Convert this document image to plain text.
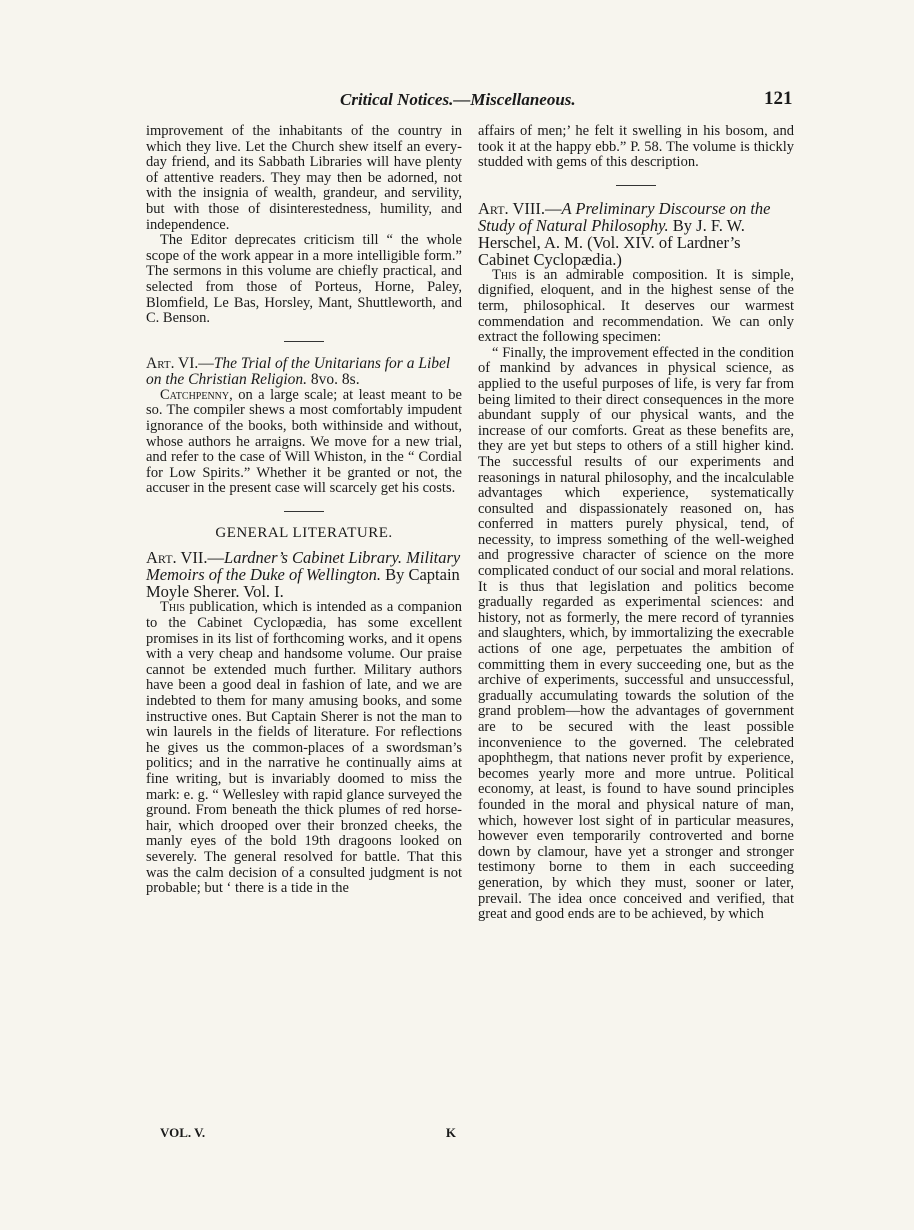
Critical Notices.—Miscellaneous.	121

improvement of the inhabitants of the country in which they live. Let the Church shew itself an every-day friend, and its Sabbath Libraries will have plenty of attentive readers. They may then be adorned, not with the insignia of wealth, grandeur, and servility, but with those of disinterestedness, humility, and independence.

The Editor deprecates criticism till “ the whole scope of the work appear in a more intelligible form.” The sermons in this volume are chiefly practical, and selected from those of Porteus, Horne, Paley, Blomfield, Le Bas, Horsley, Mant, Shuttleworth, and C. Benson.

Art. VI.—The Trial of the Unitarians for a Libel on the Christian Religion. 8vo. 8s.

Catchpenny, on a large scale; at least meant to be so. The compiler shews a most comfortably impudent ignorance of the books, both withinside and without, whose authors he arraigns. We move for a new trial, and refer to the case of Will Whiston, in the “ Cordial for Low Spirits.” Whether it be granted or not, the accuser in the present case will scarcely get his costs.

GENERAL LITERATURE.

Art. VII.—Lardner’s Cabinet Library. Military Memoirs of the Duke of Wellington. By Captain Moyle Sherer. Vol. I.

This publication, which is intended as a companion to the Cabinet Cyclopædia, has some excellent promises in its list of forthcoming works, and it opens with a very cheap and handsome volume. Our praise cannot be extended much further. Military authors have been a good deal in fashion of late, and we are indebted to them for many amusing books, and some instructive ones. But Captain Sherer is not the man to win laurels in the fields of literature. For reflections he gives us the common-places of a swordsman’s politics; and in the narrative he continually aims at fine writing, but is invariably doomed to miss the mark: e. g. “ Wellesley with rapid glance surveyed the ground. From beneath the thick plumes of red horse-hair, which drooped over their bronzed cheeks, the manly eyes of the bold 19th dragoons looked on severely. The general resolved for battle. That this was the calm decision of a consulted judgment is not probable; but ‘ there is a tide in the

affairs of men;’ he felt it swelling in his bosom, and took it at the happy ebb.” P. 58. The volume is thickly studded with gems of this description.

Art. VIII.—A Preliminary Discourse on the Study of Natural Philosophy. By J. F. W. Herschel, A. M. (Vol. XIV. of Lardner’s Cabinet Cyclopædia.)

This is an admirable composition. It is simple, dignified, eloquent, and in the highest sense of the term, philosophical. It deserves our warmest commendation and recommendation. We can only extract the following specimen:

“ Finally, the improvement effected in the condition of mankind by advances in physical science, as applied to the useful purposes of life, is very far from being limited to their direct consequences in the more abundant supply of our physical wants, and the increase of our comforts. Great as these benefits are, they are yet but steps to others of a still higher kind. The successful results of our experiments and reasonings in natural philosophy, and the incalculable advantages which experience, systematically consulted and dispassionately reasoned on, has conferred in matters purely physical, tend, of necessity, to impress something of the well-weighed and progressive character of science on the more complicated conduct of our social and moral relations. It is thus that legislation and politics become gradually regarded as experimental sciences: and history, not as formerly, the mere record of tyrannies and slaughters, which, by immortalizing the execrable actions of one age, perpetuates the ambition of committing them in every succeeding one, but as the archive of experiments, successful and unsuccessful, gradually accumulating towards the solution of the grand problem—how the advantages of government are to be secured with the least possible inconvenience to the governed. The celebrated apophthegm, that nations never profit by experience, becomes yearly more and more untrue. Political economy, at least, is found to have sound principles founded in the moral and physical nature of man, which, however lost sight of in particular measures, however even temporarily controverted and borne down by clamour, have yet a stronger and stronger testimony borne to them in each succeeding generation, by which they must, sooner or later, prevail. The idea once conceived and verified, that great and good ends are to be achieved, by which

VOL. V.	K
